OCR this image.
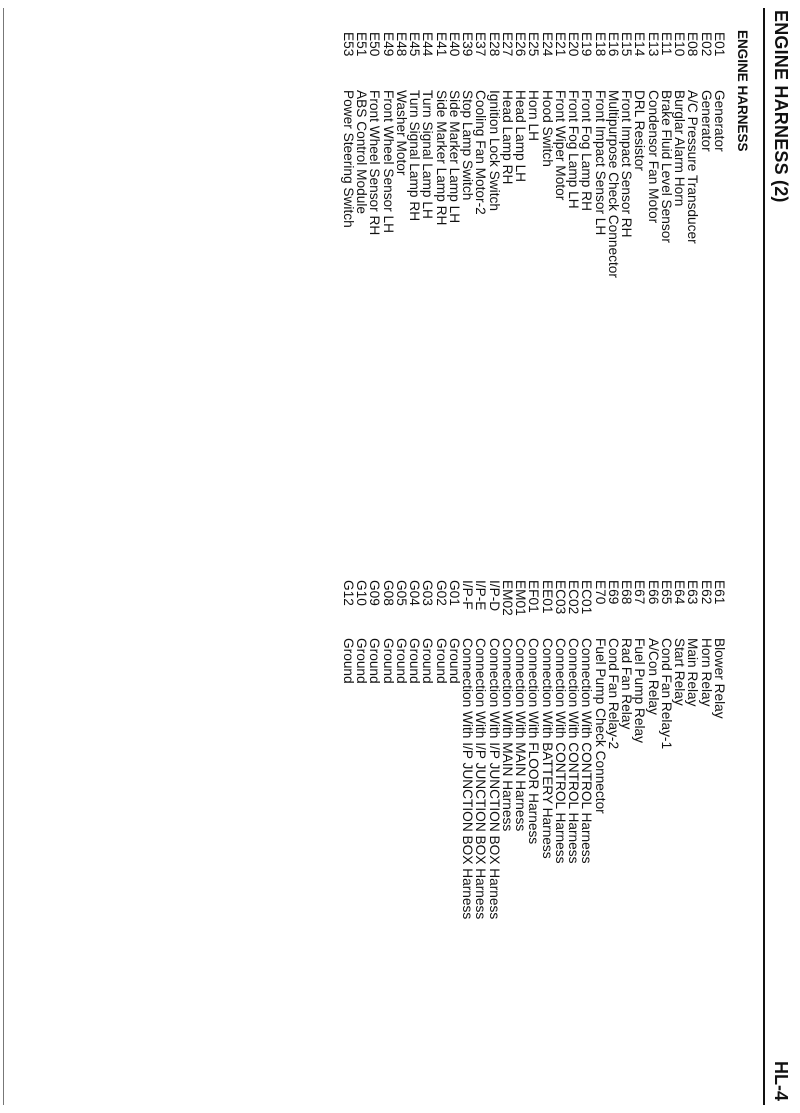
ENGINE HARNESS (2)
HL-4
ENGINE HARNESS
E01
Generator
E02
Generator
E08
A/C Pressure Transducer
E10
Burglar Alarm Horn
E11
Brake Fluid Level Sensor
E13
Condensor Fan Motor
E14
DRL Resistor
E15
Front Impact Sensor RH
E16
Multipurpose Check Connector
E18
Front Impact Sensor LH
E19
Front Fog Lamp RH
E20
Front Fog Lamp LH
E21
Front Wiper Motor
E24
Hood Switch
E25
Horn LH
E26
Head Lamp LH
E27
Head Lamp RH
E28
Ignition Lock Switch
E37
Cooling Fan Motor-2
E39
Stop Lamp Switch
E40
Side Marker Lamp LH
E41
Side Marker Lamp RH
E44
Turn Signal Lamp LH
E45
Turn Signal Lamp RH
E48
Washer Motor
E49
Front Wheel Sensor LH
E50
Front Wheel Sensor RH
E51
ABS Control Module
E53
Power Steering Switch
E61
Blower Relay
E62
Horn Relay
E63
Main Relay
E64
Start Relay
E65
Cond Fan Relay-1
E66
A/Con Relay
E67
Fuel Pump Relay
E68
Rad Fan Relay
E69
Cond Fan Relay-2
E70
Fuel Pump Check Connector
EC01
Connection With CONTROL Harness
EC02
Connection With CONTROL Harness
EC03
Connection With CONTROL Harness
EE01
Connection With BATTERY Harness
EF01
Connection With FLOOR Harness
EM01
Connection With MAIN Harness
EM02
Connection With MAIN Harness
I/P-D
Connection With I/P JUNCTION BOX Harness
I/P-E
Connection With I/P JUNCTION BOX Harness
I/P-F
Connection With I/P JUNCTION BOX Harness
G01
Ground
G02
Ground
G03
Ground
G04
Ground
G05
Ground
G08
Ground
G09
Ground
G10
Ground
G12
Ground
